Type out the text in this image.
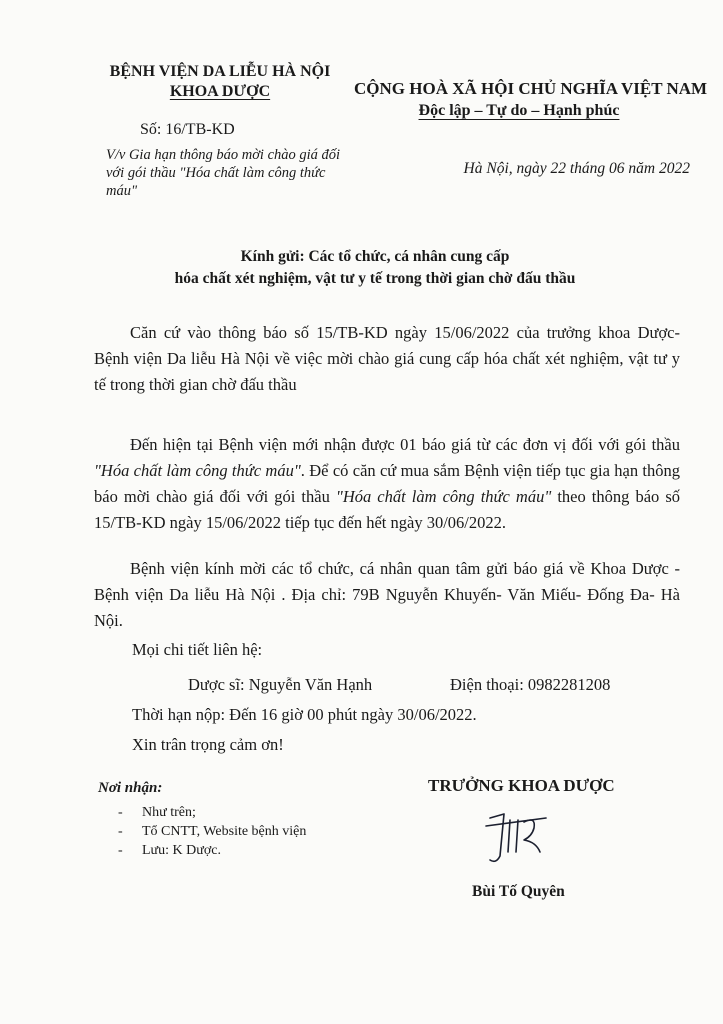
BỆNH VIỆN DA LIỄU HÀ NỘI
KHOA DƯỢC
Số: 16/TB-KD
V/v Gia hạn thông báo mời chào giá đối với gói thầu "Hóa chất làm công thức máu"
CỘNG HOÀ XÃ HỘI CHỦ NGHĨA VIỆT NAM
Độc lập – Tự do – Hạnh phúc
Hà Nội, ngày 22 tháng 06 năm 2022
Kính gửi: Các tổ chức, cá nhân cung cấp
hóa chất xét nghiệm, vật tư y tế trong thời gian chờ đấu thầu
Căn cứ vào thông báo số 15/TB-KD ngày 15/06/2022 của trưởng khoa Dược- Bệnh viện Da liễu Hà Nội về việc mời chào giá cung cấp hóa chất xét nghiệm, vật tư y tế trong thời gian chờ đấu thầu
Đến hiện tại Bệnh viện mới nhận được 01 báo giá từ các đơn vị đối với gói thầu "Hóa chất làm công thức máu". Để có căn cứ mua sắm Bệnh viện tiếp tục gia hạn thông báo mời chào giá đối với gói thầu "Hóa chất làm công thức máu" theo thông báo số 15/TB-KD ngày 15/06/2022 tiếp tục đến hết ngày 30/06/2022.
Bệnh viện kính mời các tổ chức, cá nhân quan tâm gửi báo giá về Khoa Dược - Bệnh viện Da liễu Hà Nội . Địa chỉ: 79B Nguyễn Khuyến- Văn Miếu- Đống Đa- Hà Nội.
Mọi chi tiết liên hệ:
Dược sĩ: Nguyễn Văn Hạnh	Điện thoại: 0982281208
Thời hạn nộp: Đến 16 giờ 00 phút ngày 30/06/2022.
Xin trân trọng cảm ơn!
Nơi nhận:
- Như trên;
- Tổ CNTT, Website bệnh viện
- Lưu: K Dược.
TRƯỞNG KHOA DƯỢC
Bùi Tố Quyên
